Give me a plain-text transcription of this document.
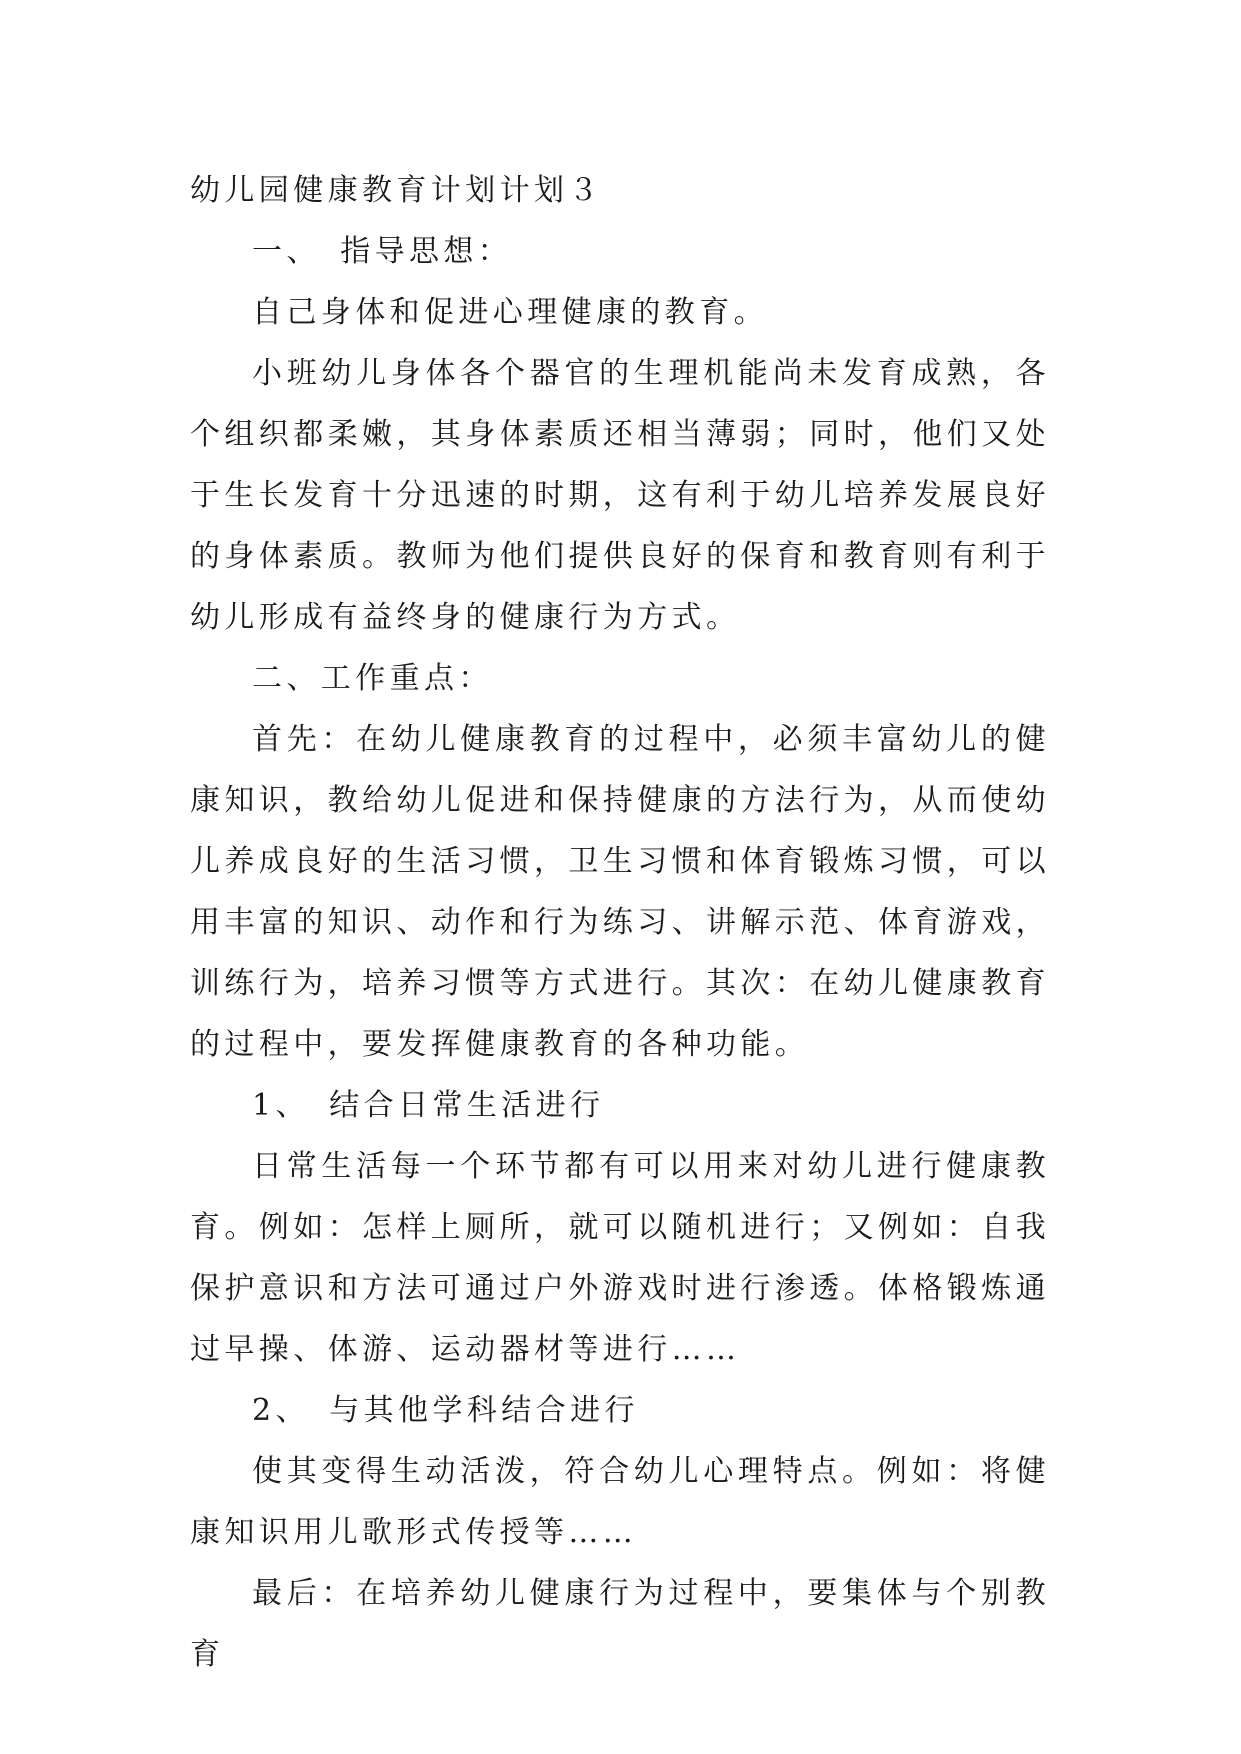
幼儿园健康教育计划计划３

一、　指导思想：

自己身体和促进心理健康的教育。

小班幼儿身体各个器官的生理机能尚未发育成熟，各个组织都柔嫩，其身体素质还相当薄弱；同时，他们又处于生长发育十分迅速的时期，这有利于幼儿培养发展良好的身体素质。教师为他们提供良好的保育和教育则有利于幼儿形成有益终身的健康行为方式。

二、工作重点：

首先：在幼儿健康教育的过程中，必须丰富幼儿的健康知识，教给幼儿促进和保持健康的方法行为，从而使幼儿养成良好的生活习惯，卫生习惯和体育锻炼习惯，可以用丰富的知识、动作和行为练习、讲解示范、体育游戏，训练行为，培养习惯等方式进行。其次：在幼儿健康教育的过程中，要发挥健康教育的各种功能。

1、　结合日常生活进行

日常生活每一个环节都有可以用来对幼儿进行健康教育。例如：怎样上厕所，就可以随机进行；又例如：自我保护意识和方法可通过户外游戏时进行渗透。体格锻炼通过早操、体游、运动器材等进行……

2、　与其他学科结合进行

使其变得生动活泼，符合幼儿心理特点。例如：将健康知识用儿歌形式传授等……

最后：在培养幼儿健康行为过程中，要集体与个别教育
